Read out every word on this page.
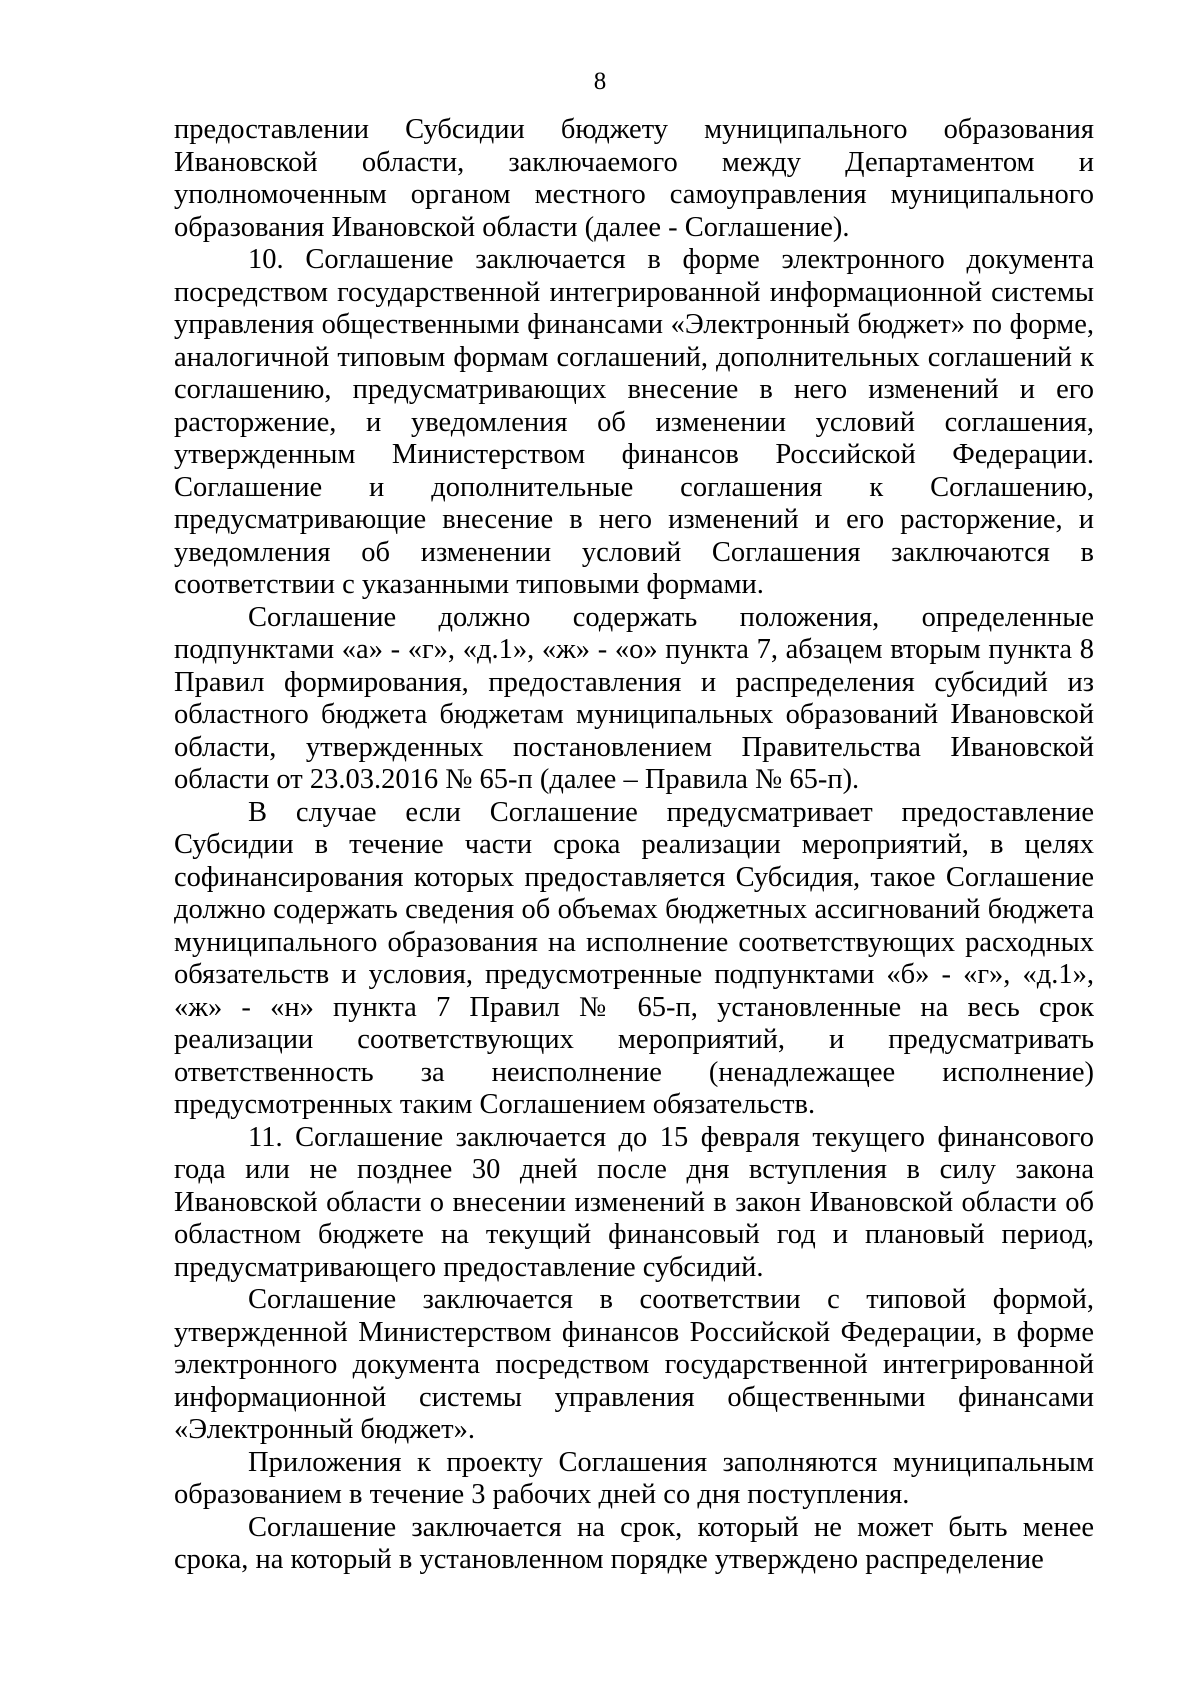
8

предоставлении Субсидии бюджету муниципального образования Ивановской области, заключаемого между Департаментом и уполномоченным органом местного самоуправления муниципального образования Ивановской области (далее - Соглашение).

10. Соглашение заключается в форме электронного документа посредством государственной интегрированной информационной системы управления общественными финансами «Электронный бюджет» по форме, аналогичной типовым формам соглашений, дополнительных соглашений к соглашению, предусматривающих внесение в него изменений и его расторжение, и уведомления об изменении условий соглашения, утвержденным Министерством финансов Российской Федерации. Соглашение и дополнительные соглашения к Соглашению, предусматривающие внесение в него изменений и его расторжение, и уведомления об изменении условий Соглашения заключаются в соответствии с указанными типовыми формами.

Соглашение должно содержать положения, определенные подпунктами «а» - «г», «д.1», «ж» - «о» пункта 7, абзацем вторым пункта 8 Правил формирования, предоставления и распределения субсидий из областного бюджета бюджетам муниципальных образований Ивановской области, утвержденных постановлением Правительства Ивановской области от 23.03.2016 № 65-п (далее – Правила № 65-п).

В случае если Соглашение предусматривает предоставление Субсидии в течение части срока реализации мероприятий, в целях софинансирования которых предоставляется Субсидия, такое Соглашение должно содержать сведения об объемах бюджетных ассигнований бюджета муниципального образования на исполнение соответствующих расходных обязательств и условия, предусмотренные подпунктами «б» - «г», «д.1», «ж» - «н» пункта 7 Правил № 65-п, установленные на весь срок реализации соответствующих мероприятий, и предусматривать ответственность за неисполнение (ненадлежащее исполнение) предусмотренных таким Соглашением обязательств.

11. Соглашение заключается до 15 февраля текущего финансового года или не позднее 30 дней после дня вступления в силу закона Ивановской области о внесении изменений в закон Ивановской области об областном бюджете на текущий финансовый год и плановый период, предусматривающего предоставление субсидий.

Соглашение заключается в соответствии с типовой формой, утвержденной Министерством финансов Российской Федерации, в форме электронного документа посредством государственной интегрированной информационной системы управления общественными финансами «Электронный бюджет».

Приложения к проекту Соглашения заполняются муниципальным образованием в течение 3 рабочих дней со дня поступления.

Соглашение заключается на срок, который не может быть менее срока, на который в установленном порядке утверждено распределение
